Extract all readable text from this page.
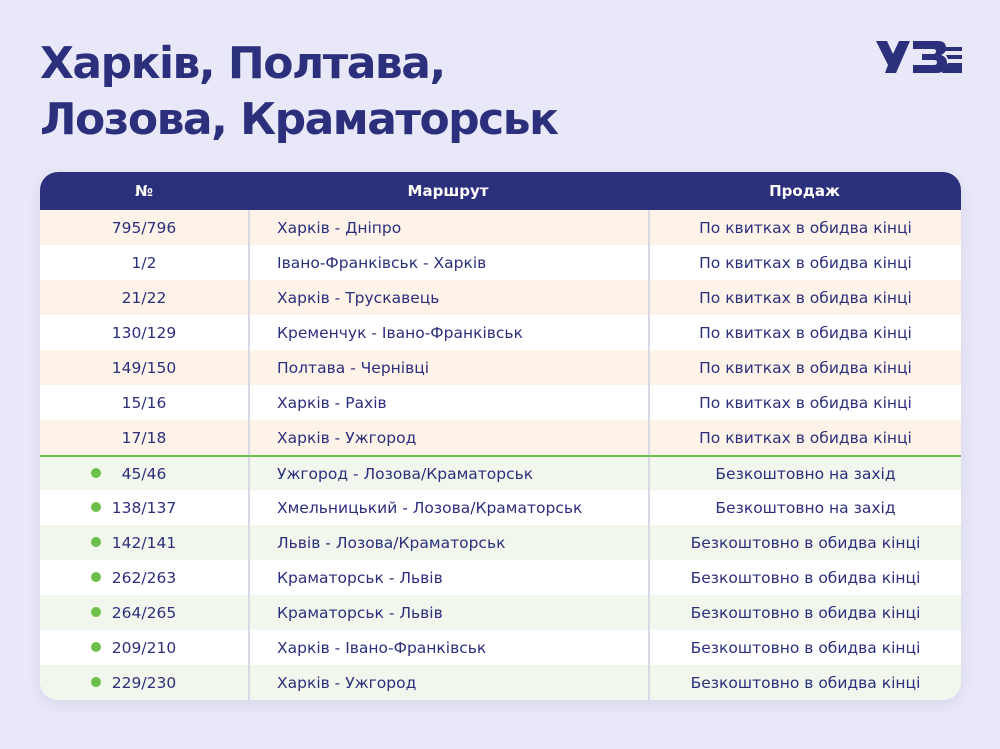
Харків, Полтава,
Лозова, Краматорськ
№	Маршрут	Продаж
795/796	Харків - Дніпро	По квитках в обидва кінці
1/2	Івано-Франківськ - Харків	По квитках в обидва кінці
21/22	Харків - Трускавець	По квитках в обидва кінці
130/129	Кременчук - Івано-Франківськ	По квитках в обидва кінці
149/150	Полтава - Чернівці	По квитках в обидва кінці
15/16	Харків - Рахів	По квитках в обидва кінці
17/18	Харків - Ужгород	По квитках в обидва кінці
45/46	Ужгород - Лозова/Краматорськ	Безкоштовно на захід
138/137	Хмельницький - Лозова/Краматорськ	Безкоштовно на захід
142/141	Львів - Лозова/Краматорськ	Безкоштовно в обидва кінці
262/263	Краматорськ - Львів	Безкоштовно в обидва кінці
264/265	Краматорськ - Львів	Безкоштовно в обидва кінці
209/210	Харків - Івано-Франківськ	Безкоштовно в обидва кінці
229/230	Харків - Ужгород	Безкоштовно в обидва кінці
